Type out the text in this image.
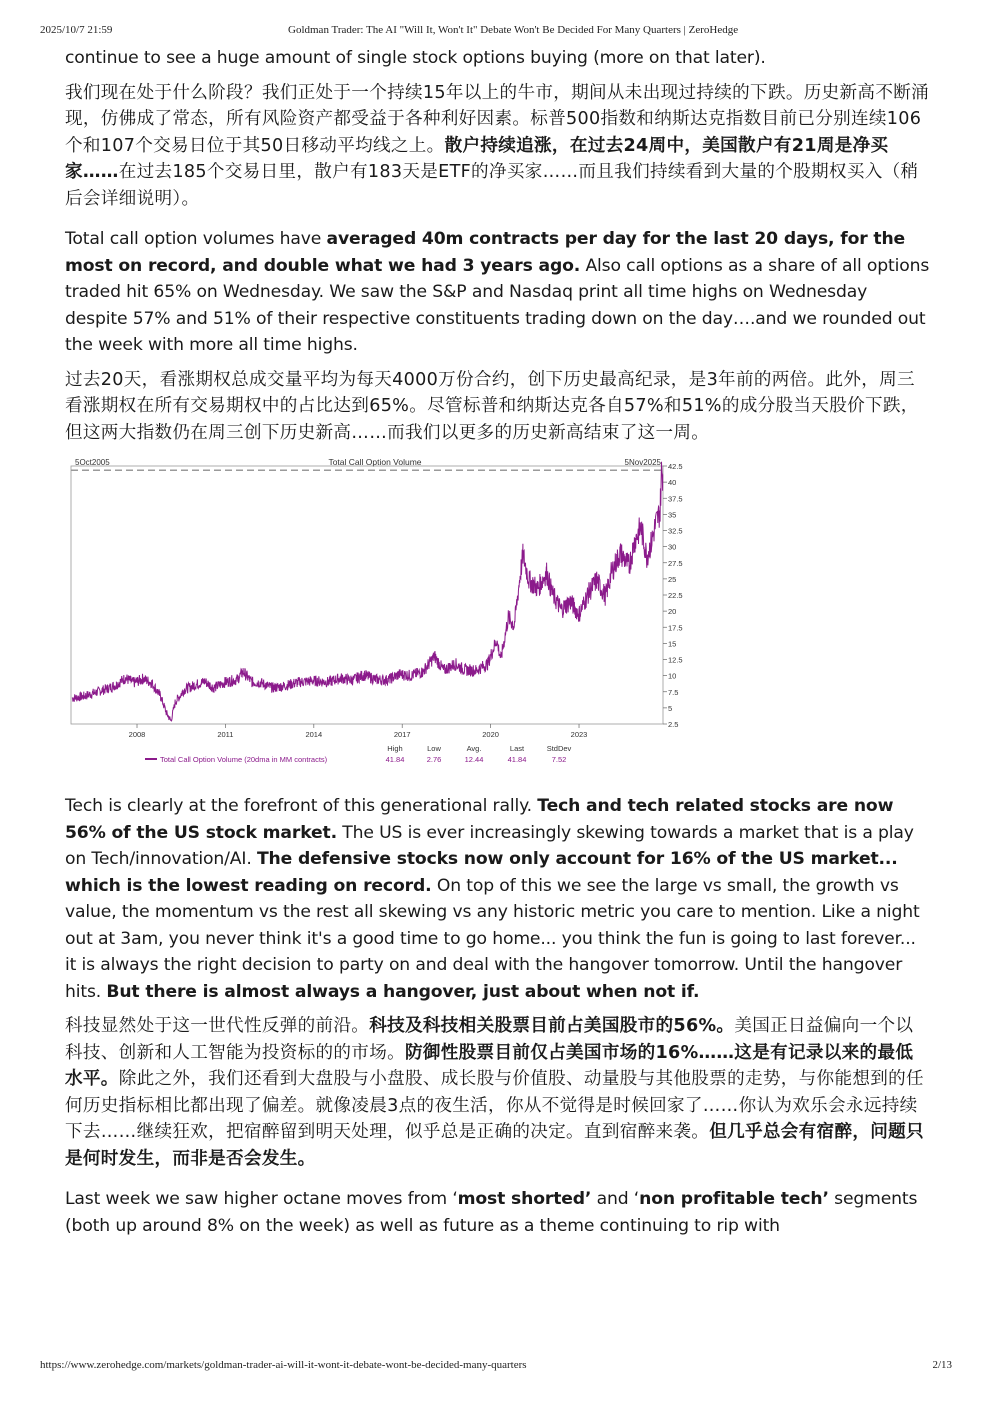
2025/10/7 21:59	Goldman Trader: The AI "Will It, Won't It" Debate Won't Be Decided For Many Quarters | ZeroHedge

continue to see a huge amount of single stock options buying (more on that later).

我们现在处于什么阶段？我们正处于一个持续15年以上的牛市，期间从未出现过持续的下跌。历史新高不断涌现，仿佛成了常态，所有风险资产都受益于各种利好因素。标普500指数和纳斯达克指数目前已分别连续106个和107个交易日位于其50日移动平均线之上。散户持续追涨，在过去24周中，美国散户有21周是净买家……在过去185个交易日里，散户有183天是ETF的净买家……而且我们持续看到大量的个股期权买入（稍后会详细说明）。

Total call option volumes have averaged 40m contracts per day for the last 20 days, for the most on record, and double what we had 3 years ago. Also call options as a share of all options traded hit 65% on Wednesday. We saw the S&P and Nasdaq print all time highs on Wednesday despite 57% and 51% of their respective constituents trading down on the day….and we rounded out the week with more all time highs.

过去20天，看涨期权总成交量平均为每天4000万份合约，创下历史最高纪录，是3年前的两倍。此外，周三看涨期权在所有交易期权中的占比达到65%。尽管标普和纳斯达克各自57%和51%的成分股当天股价下跌，但这两大指数仍在周三创下历史新高……而我们以更多的历史新高结束了这一周。

Total Call Option Volume
5Oct2005	5Nov2025 42.5
40
37.5
35
32.5
30
27.5
25
22.5
20
17.5
15
12.5
10
7.5
5
2.5
2008	2011	2014	2017	2020	2023
Total Call Option Volume (20dma in MM contracts)
High
41.84
Low
2.76
Avg.
12.44
Last
41.84
StdDev
7.52

Tech is clearly at the forefront of this generational rally. Tech and tech related stocks are now 56% of the US stock market. The US is ever increasingly skewing towards a market that is a play on Tech/innovation/AI. The defensive stocks now only account for 16% of the US market... which is the lowest reading on record. On top of this we see the large vs small, the growth vs value, the momentum vs the rest all skewing vs any historic metric you care to mention. Like a night out at 3am, you never think it's a good time to go home... you think the fun is going to last forever... it is always the right decision to party on and deal with the hangover tomorrow. Until the hangover hits. But there is almost always a hangover, just about when not if.

科技显然处于这一世代性反弹的前沿。科技及科技相关股票目前占美国股市的56%。美国正日益偏向一个以科技、创新和人工智能为投资标的的市场。防御性股票目前仅占美国市场的16%……这是有记录以来的最低水平。除此之外，我们还看到大盘股与小盘股、成长股与价值股、动量股与其他股票的走势，与你能想到的任何历史指标相比都出现了偏差。就像凌晨3点的夜生活，你从不觉得是时候回家了……你认为欢乐会永远持续下去……继续狂欢，把宿醉留到明天处理，似乎总是正确的决定。直到宿醉来袭。但几乎总会有宿醉，问题只是何时发生，而非是否会发生。

Last week we saw higher octane moves from ‘most shorted’ and ‘non profitable tech’ segments (both up around 8% on the week) as well as future as a theme continuing to rip with

https://www.zerohedge.com/markets/goldman-trader-ai-will-it-wont-it-debate-wont-be-decided-many-quarters	2/13
